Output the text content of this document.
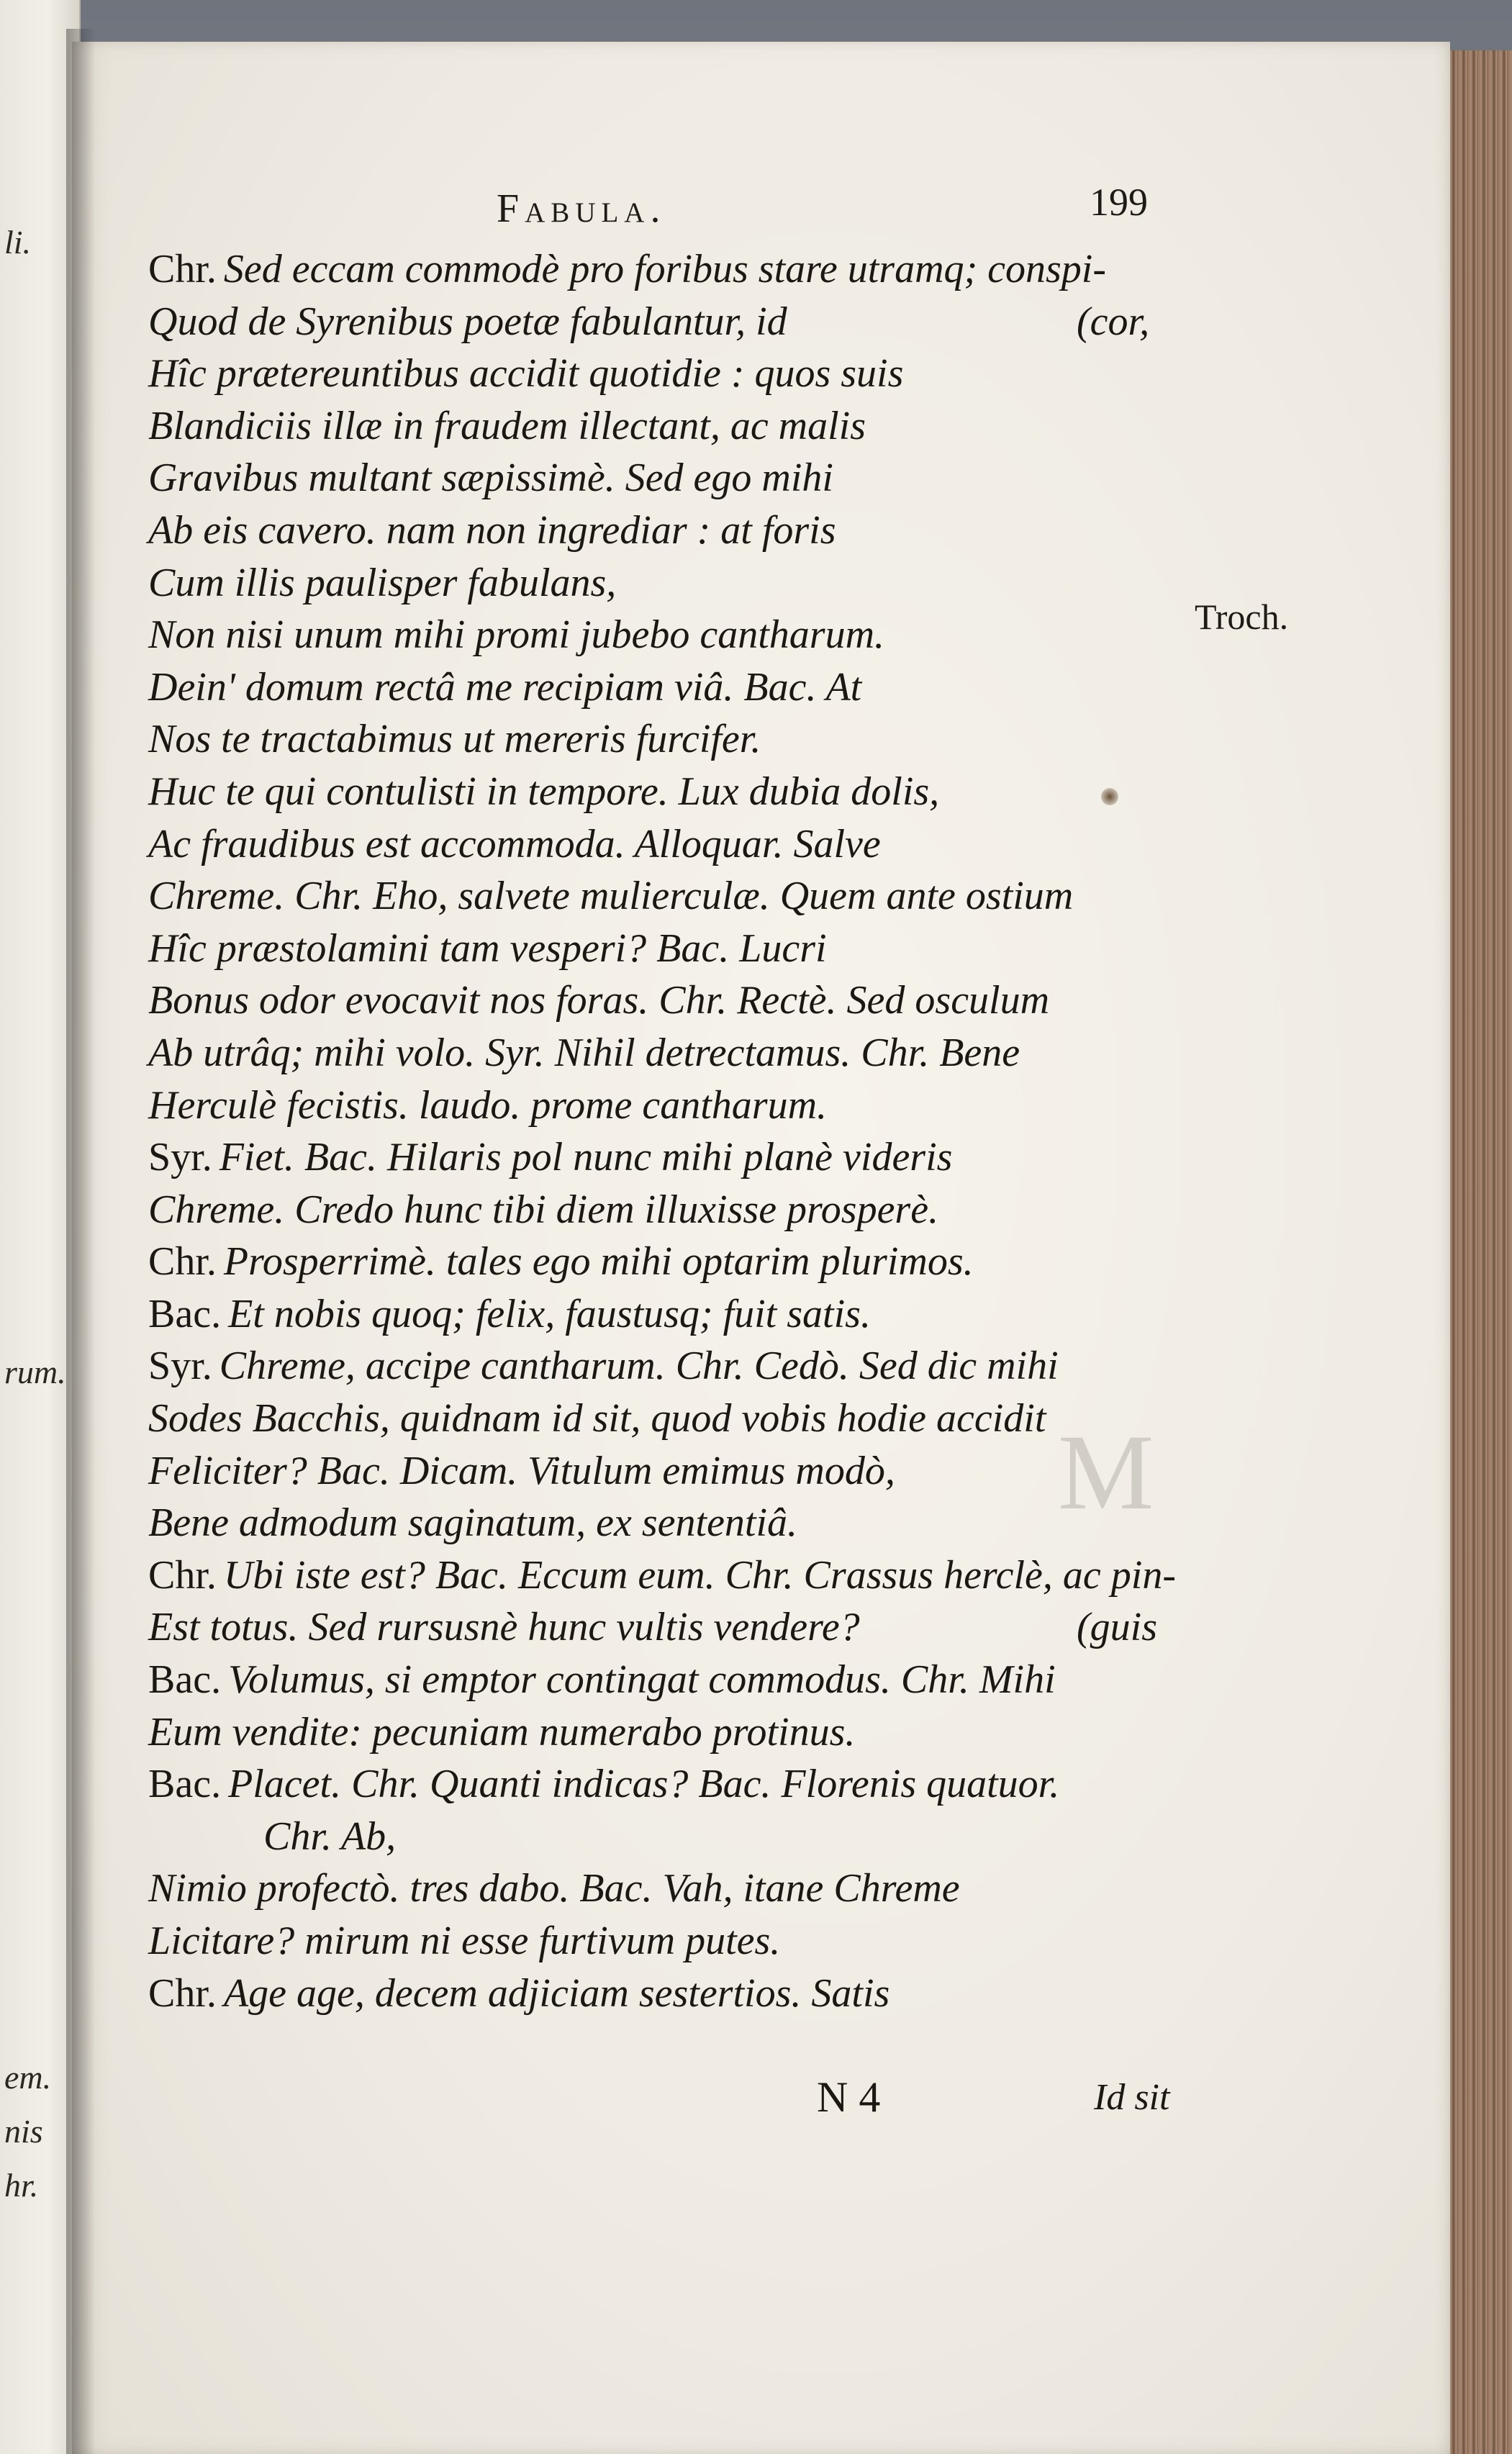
li.
rum.
em.
nis
hr.
M
Fabula.	199
Troch.
Chr. Sed eccam commodè pro foribus stare utramq; conspi-
Quod de Syrenibus poetæ fabulantur, id	(cor,
Hîc prætereuntibus accidit quotidie : quos suis
Blandiciis illæ in fraudem illectant, ac malis
Gravibus multant sæpissimè. Sed ego mihi
Ab eis cavero. nam non ingrediar : at foris
Cum illis paulisper fabulans,
Non nisi unum mihi promi jubebo cantharum.
Dein' domum rectâ me recipiam viâ. Bac. At
Nos te tractabimus ut mereris furcifer.
Huc te qui contulisti in tempore. Lux dubia dolis,
Ac fraudibus est accommoda. Alloquar. Salve
Chreme. Chr. Eho, salvete mulierculæ. Quem ante ostium
Hîc præstolamini tam vesperi? Bac. Lucri
Bonus odor evocavit nos foras. Chr. Rectè. Sed osculum
Ab utrâq; mihi volo. Syr. Nihil detrectamus. Chr. Bene
Herculè fecistis. laudo. prome cantharum.
Syr. Fiet. Bac. Hilaris pol nunc mihi planè videris
Chreme. Credo hunc tibi diem illuxisse prosperè.
Chr. Prosperrimè. tales ego mihi optarim plurimos.
Bac. Et nobis quoq; felix, faustusq; fuit satis.
Syr. Chreme, accipe cantharum. Chr. Cedò. Sed dic mihi
Sodes Bacchis, quidnam id sit, quod vobis hodie accidit
Feliciter? Bac. Dicam. Vitulum emimus modò,
Bene admodum saginatum, ex sententiâ.
Chr. Ubi iste est? Bac. Eccum eum. Chr. Crassus herclè, ac pin-
Est totus. Sed rursusnè hunc vultis vendere?	(guis
Bac. Volumus, si emptor contingat commodus. Chr. Mihi
Eum vendite: pecuniam numerabo protinus.
Bac. Placet. Chr. Quanti indicas? Bac. Florenis quatuor.
Chr. Ab,
Nimio profectò. tres dabo. Bac. Vah, itane Chreme
Licitare? mirum ni esse furtivum putes.
Chr. Age age, decem adjiciam sestertios. Satis
N 4	Id sit
